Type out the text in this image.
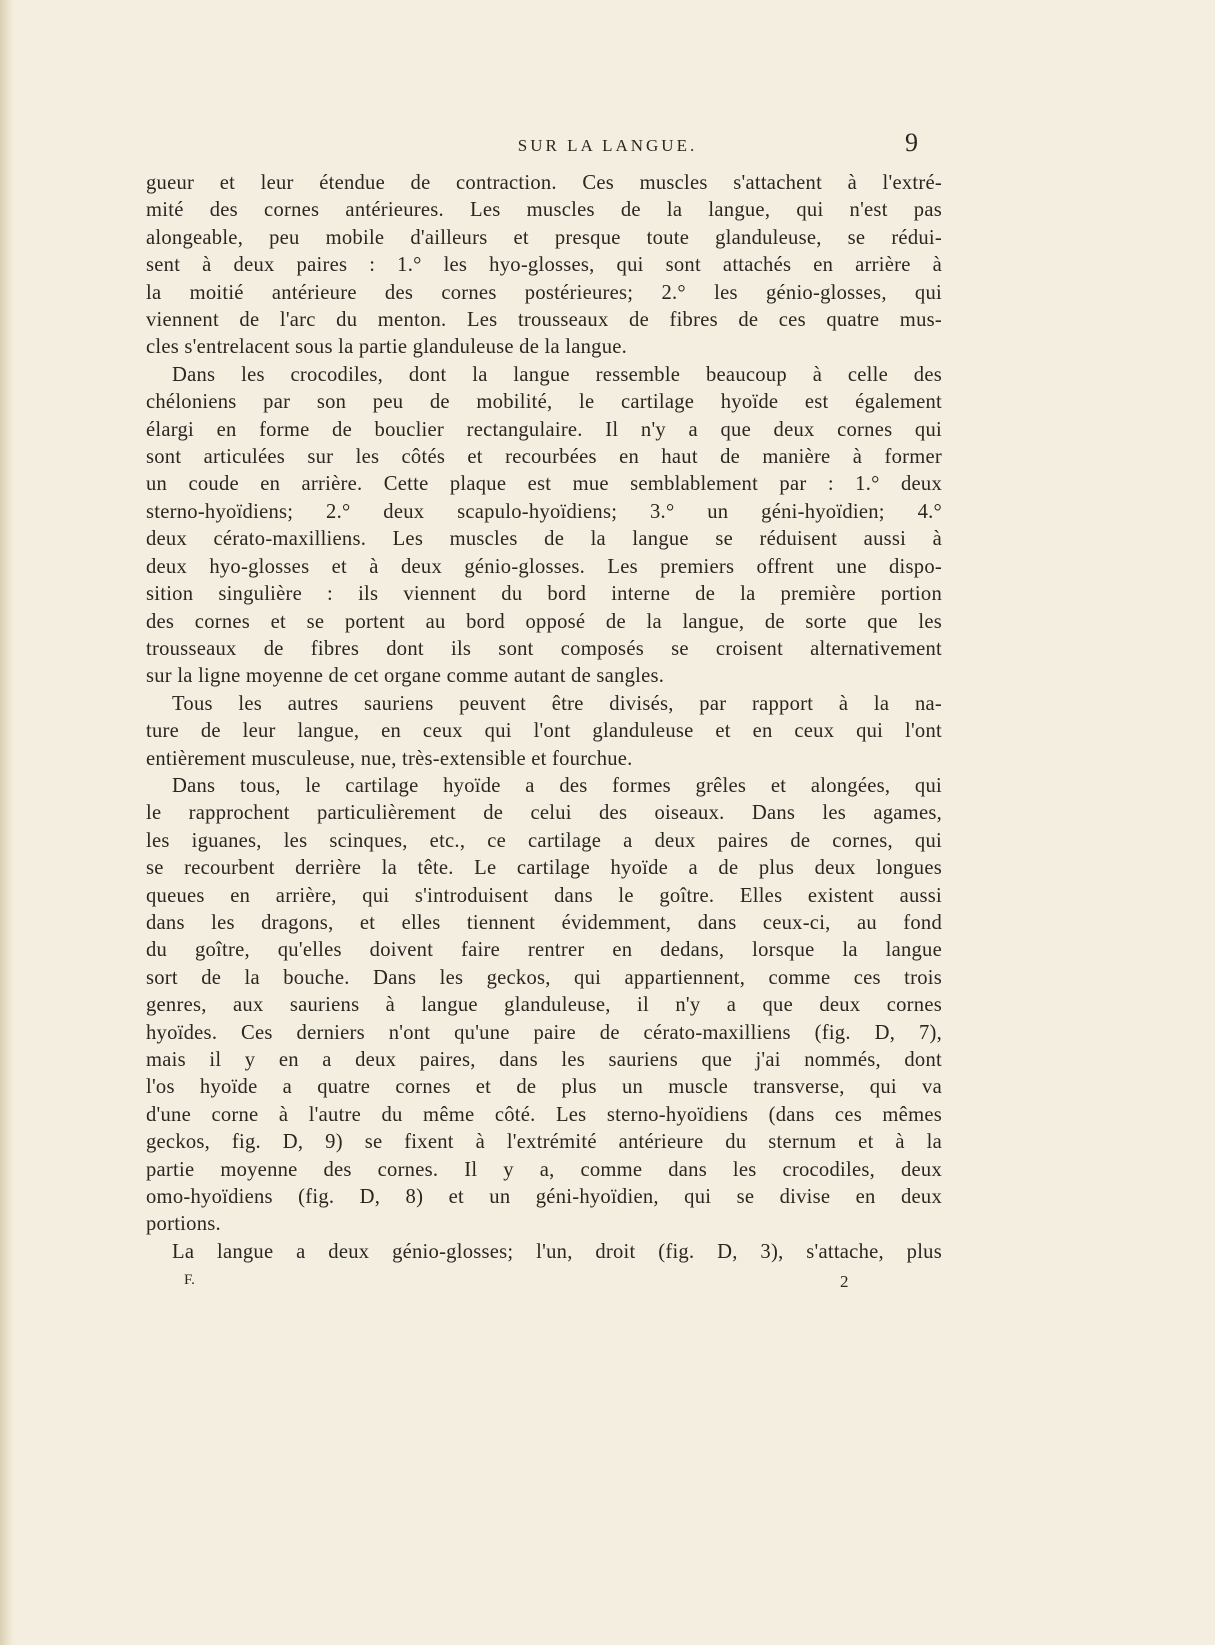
SUR LA LANGUE.	9

gueur et leur étendue de contraction. Ces muscles s'attachent à l'extré-
mité des cornes antérieures. Les muscles de la langue, qui n'est pas
alongeable, peu mobile d'ailleurs et presque toute glanduleuse, se rédui-
sent à deux paires : 1.° les hyo-glosses, qui sont attachés en arrière à
la moitié antérieure des cornes postérieures; 2.° les génio-glosses, qui
viennent de l'arc du menton. Les trousseaux de fibres de ces quatre mus-
cles s'entrelacent sous la partie glanduleuse de la langue.
Dans les crocodiles, dont la langue ressemble beaucoup à celle des
chéloniens par son peu de mobilité, le cartilage hyoïde est également
élargi en forme de bouclier rectangulaire. Il n'y a que deux cornes qui
sont articulées sur les côtés et recourbées en haut de manière à former
un coude en arrière. Cette plaque est mue semblablement par : 1.° deux
sterno-hyoïdiens; 2.° deux scapulo-hyoïdiens; 3.° un géni-hyoïdien; 4.°
deux cérato-maxilliens. Les muscles de la langue se réduisent aussi à
deux hyo-glosses et à deux génio-glosses. Les premiers offrent une dispo-
sition singulière : ils viennent du bord interne de la première portion
des cornes et se portent au bord opposé de la langue, de sorte que les
trousseaux de fibres dont ils sont composés se croisent alternativement
sur la ligne moyenne de cet organe comme autant de sangles.
Tous les autres sauriens peuvent être divisés, par rapport à la na-
ture de leur langue, en ceux qui l'ont glanduleuse et en ceux qui l'ont
entièrement musculeuse, nue, très-extensible et fourchue.
Dans tous, le cartilage hyoïde a des formes grêles et alongées, qui
le rapprochent particulièrement de celui des oiseaux. Dans les agames,
les iguanes, les scinques, etc., ce cartilage a deux paires de cornes, qui
se recourbent derrière la tête. Le cartilage hyoïde a de plus deux longues
queues en arrière, qui s'introduisent dans le goître. Elles existent aussi
dans les dragons, et elles tiennent évidemment, dans ceux-ci, au fond
du goître, qu'elles doivent faire rentrer en dedans, lorsque la langue
sort de la bouche. Dans les geckos, qui appartiennent, comme ces trois
genres, aux sauriens à langue glanduleuse, il n'y a que deux cornes
hyoïdes. Ces derniers n'ont qu'une paire de cérato-maxilliens (fig. D, 7),
mais il y en a deux paires, dans les sauriens que j'ai nommés, dont
l'os hyoïde a quatre cornes et de plus un muscle transverse, qui va
d'une corne à l'autre du même côté. Les sterno-hyoïdiens (dans ces mêmes
geckos, fig. D, 9) se fixent à l'extrémité antérieure du sternum et à la
partie moyenne des cornes. Il y a, comme dans les crocodiles, deux
omo-hyoïdiens (fig. D, 8) et un géni-hyoïdien, qui se divise en deux
portions.
La langue a deux génio-glosses; l'un, droit (fig. D, 3), s'attache, plus

F.	2
